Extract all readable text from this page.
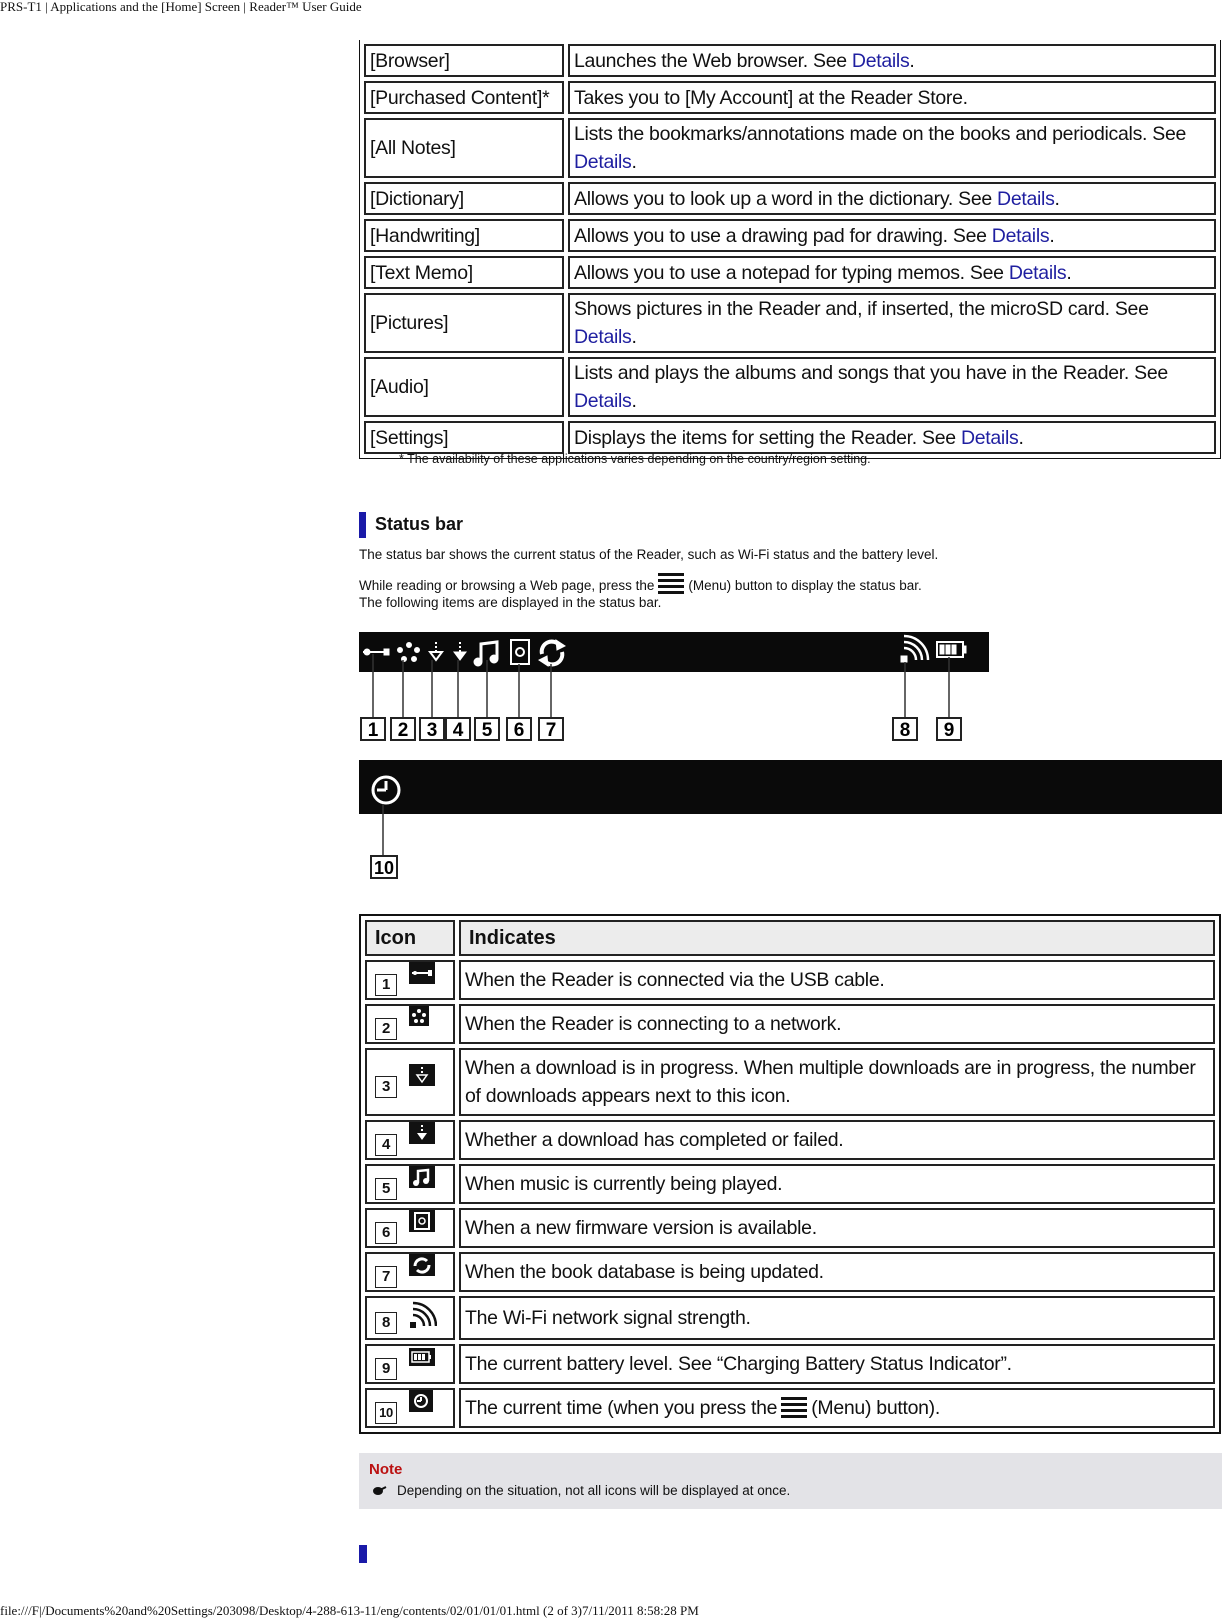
PRS-T1 | Applications and the [Home] Screen | Reader™ User Guide
[Browser]	Launches the Web browser. See Details.
[Purchased Content]*	Takes you to [My Account] at the Reader Store.
[All Notes]	Lists the bookmarks/annotations made on the books and periodicals. See Details.
[Dictionary]	Allows you to look up a word in the dictionary. See Details.
[Handwriting]	Allows you to use a drawing pad for drawing. See Details.
[Text Memo]	Allows you to use a notepad for typing memos. See Details.
[Pictures]	Shows pictures in the Reader and, if inserted, the microSD card. See Details.
[Audio]	Lists and plays the albums and songs that you have in the Reader. See Details.
[Settings]	Displays the items for setting the Reader. See Details.
* The availability of these applications varies depending on the country/region setting.
Status bar
The status bar shows the current status of the Reader, such as Wi-Fi status and the battery level.
While reading or browsing a Web page, press the	(Menu) button to display the status bar.
The following items are displayed in the status bar.
1 2 3 4 5 6 7	8 9
10
Icon	Indicates

1	When the Reader is connected via the USB cable.

2	When the Reader is connecting to a network.

3	When a download is in progress. When multiple downloads are in progress, the number of downloads appears next to this icon.

4	Whether a download has completed or failed.

5	When music is currently being played.

6	When a new firmware version is available.

7	When the book database is being updated.

8	The Wi-Fi network signal strength.

9	The current battery level. See “Charging Battery Status Indicator”.

10	The current time (when you press the (Menu) button).
Note
Depending on the situation, not all icons will be displayed at once.
file:///F|/Documents%20and%20Settings/203098/Desktop/4-288-613-11/eng/contents/02/01/01/01.html (2 of 3)7/11/2011 8:58:28 PM
